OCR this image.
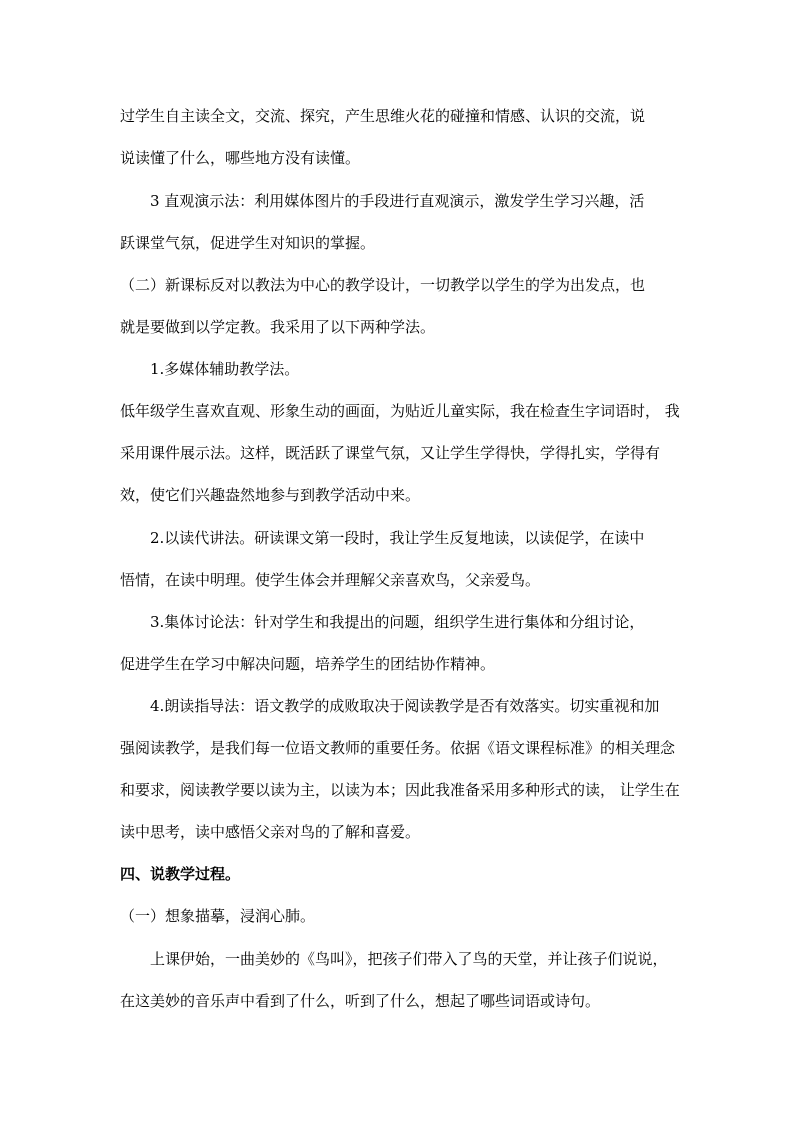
过学生自主读全文，交流、探究，产生思维火花的碰撞和情感、认识的交流，说
说读懂了什么，哪些地方没有读懂。
3 直观演示法：利用媒体图片的手段进行直观演示，激发学生学习兴趣，活
跃课堂气氛，促进学生对知识的掌握。
（二）新课标反对以教法为中心的教学设计，一切教学以学生的学为出发点，也
就是要做到以学定教。我采用了以下两种学法。
1.多媒体辅助教学法。
低年级学生喜欢直观、形象生动的画面，为贴近儿童实际，我在检查生字词语时， 我
采用课件展示法。这样，既活跃了课堂气氛，又让学生学得快，学得扎实，学得有
效，使它们兴趣盎然地参与到教学活动中来。
2.以读代讲法。研读课文第一段时，我让学生反复地读，以读促学，在读中
悟情，在读中明理。使学生体会并理解父亲喜欢鸟，父亲爱鸟。
3.集体讨论法：针对学生和我提出的问题，组织学生进行集体和分组讨论，
促进学生在学习中解决问题，培养学生的团结协作精神。
4.朗读指导法：语文教学的成败取决于阅读教学是否有效落实。切实重视和加
强阅读教学，是我们每一位语文教师的重要任务。依据《语文课程标准》的相关理念
和要求，阅读教学要以读为主，以读为本；因此我准备采用多种形式的读， 让学生在
读中思考，读中感悟父亲对鸟的了解和喜爱。
四、说教学过程。
（一）想象描摹，浸润心肺。
上课伊始，一曲美妙的《鸟叫》，把孩子们带入了鸟的天堂，并让孩子们说说，
在这美妙的音乐声中看到了什么，听到了什么，想起了哪些词语或诗句。
